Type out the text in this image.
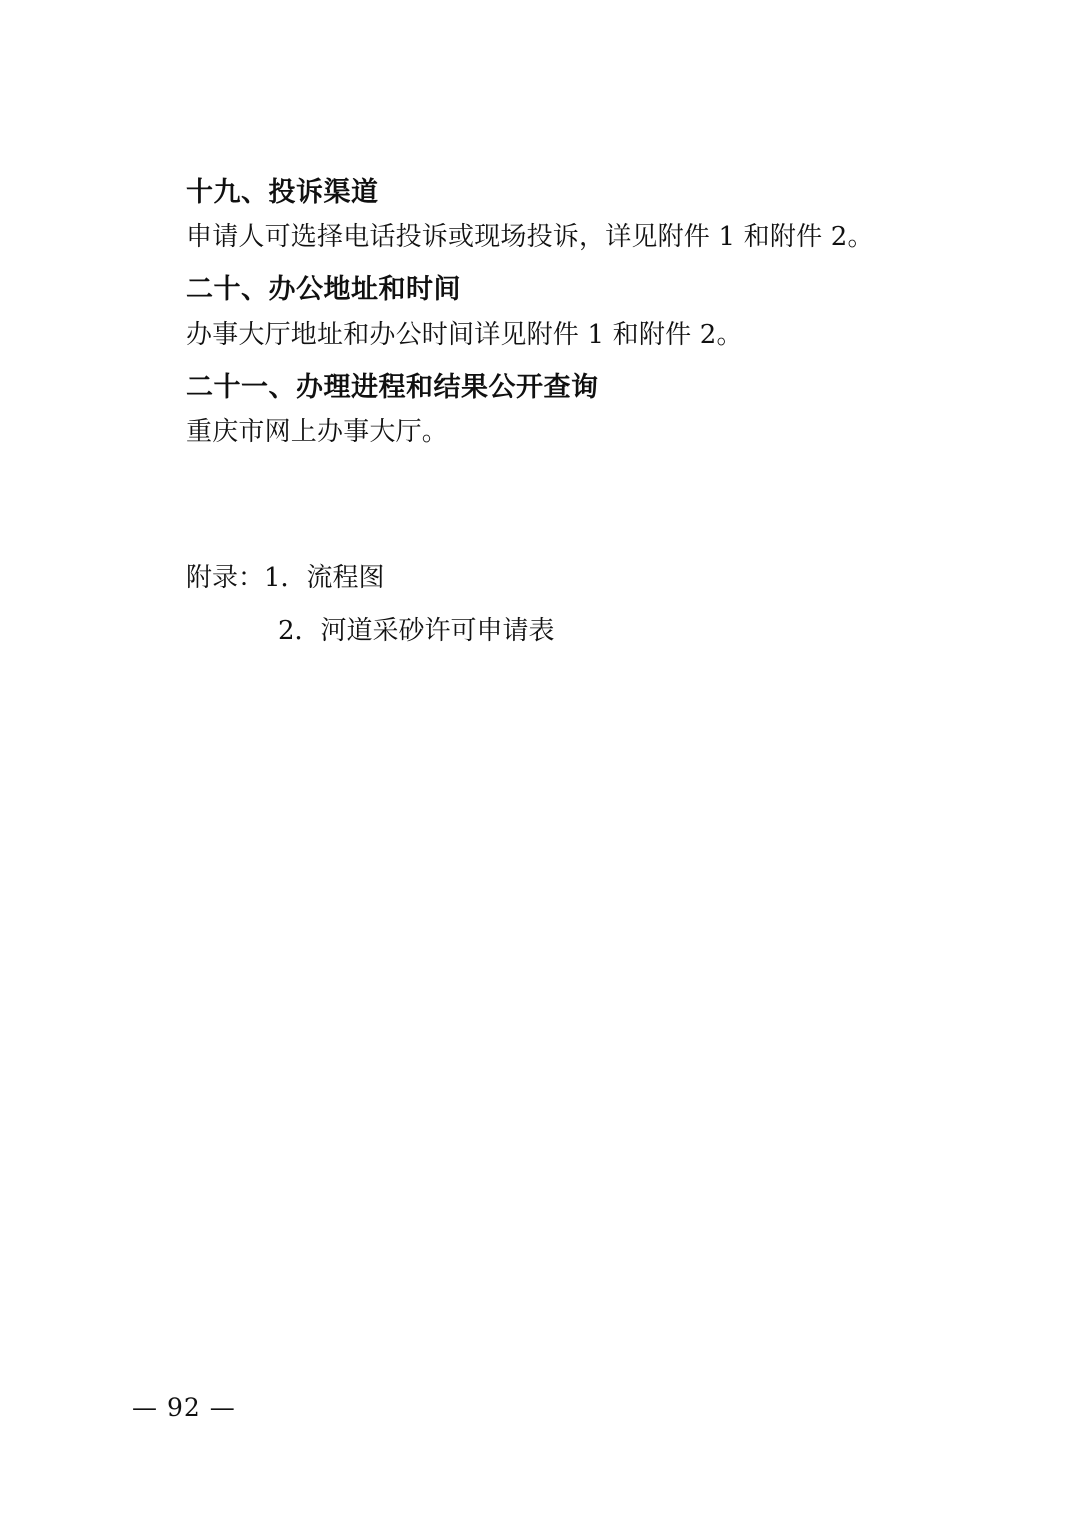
十九、投诉渠道

申请人可选择电话投诉或现场投诉，详见附件 1 和附件 2。

二十、办公地址和时间

办事大厅地址和办公时间详见附件 1 和附件 2。

二十一、办理进程和结果公开查询

重庆市网上办事大厅。

附录：1．流程图
2．河道采砂许可申请表
— 92 —
